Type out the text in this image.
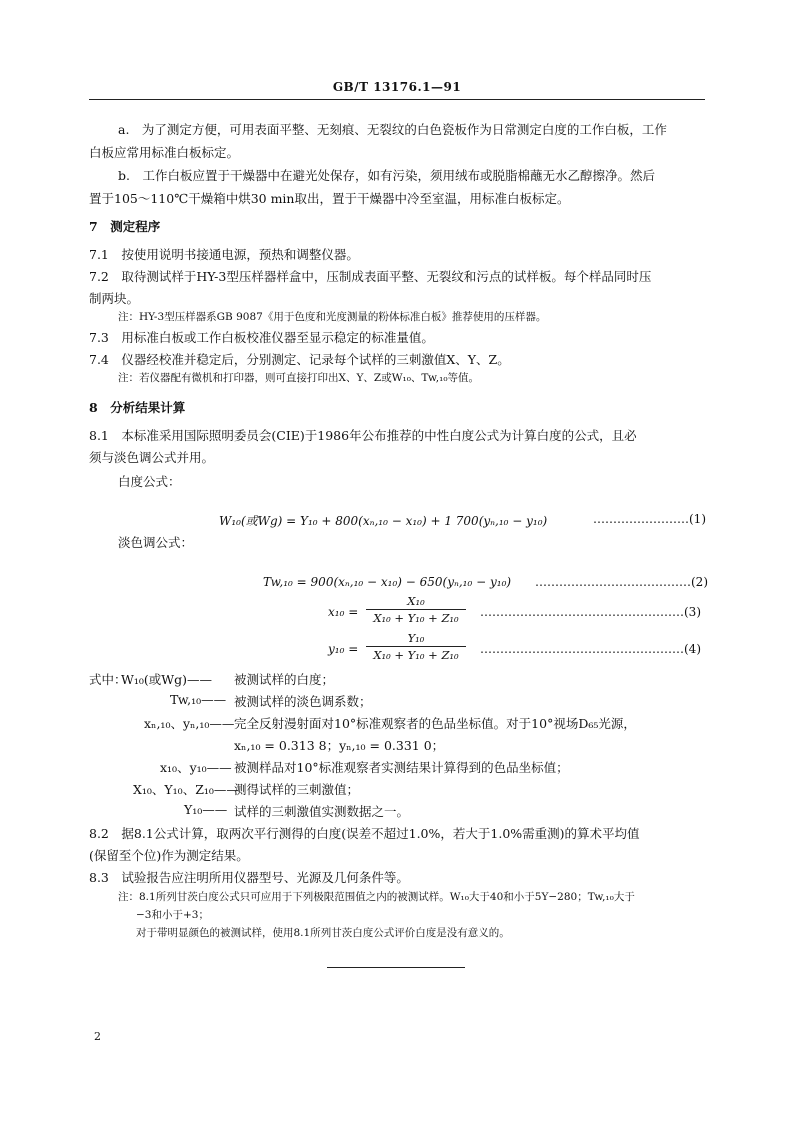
GB/T 13176.1—91
a.　为了测定方便，可用表面平整、无刻痕、无裂纹的白色瓷板作为日常测定白度的工作白板，工作
白板应常用标准白板标定。
b.　工作白板应置于干燥器中在避光处保存，如有污染，须用绒布或脱脂棉蘸无水乙醇擦净。然后
置于105～110℃干燥箱中烘30 min取出，置于干燥器中冷至室温，用标准白板标定。
7　测定程序
7.1　按使用说明书接通电源，预热和调整仪器。
7.2　取待测试样于HY-3型压样器样盒中，压制成表面平整、无裂纹和污点的试样板。每个样品同时压
制两块。
注：HY-3型压样器系GB 9087《用于色度和光度测量的粉体标准白板》推荐使用的压样器。
7.3　用标准白板或工作白板校准仪器至显示稳定的标准量值。
7.4　仪器经校准并稳定后，分别测定、记录每个试样的三刺激值X、Y、Z。
注：若仪器配有微机和打印器，则可直接打印出X、Y、Z或W₁₀、Tw,₁₀等值。
8　分析结果计算
8.1　本标准采用国际照明委员会(CIE)于1986年公布推荐的中性白度公式为计算白度的公式，且必
须与淡色调公式并用。
白度公式：
W₁₀(或Wg) = Y₁₀ + 800(xₙ,₁₀ − x₁₀) + 1 700(yₙ,₁₀ − y₁₀)	……………………(1)
淡色调公式：
Tw,₁₀ = 900(xₙ,₁₀ − x₁₀) − 650(yₙ,₁₀ − y₁₀) …………………………………(2)
$x_{10} = \frac{\text{X₁₀}}{\text{X₁₀ + Y₁₀ + Z₁₀}}$ ……………………………………………(3)
$y_{10} = \frac{\text{Y₁₀}}{\text{X₁₀ + Y₁₀ + Z₁₀}}$ ……………………………………………(4)
式中：
W₁₀(或Wg)—— 被测试样的白度；
Tw,₁₀—— 被测试样的淡色调系数；
xₙ,₁₀、yₙ,₁₀—— 完全反射漫射面对10°标准观察者的色品坐标值。对于10°视场D₆₅光源，
xₙ,₁₀ = 0.313 8；yₙ,₁₀ = 0.331 0；
x₁₀、y₁₀—— 被测样品对10°标准观察者实测结果计算得到的色品坐标值；
X₁₀、Y₁₀、Z₁₀——
测得试样的三刺激值；
Y₁₀—— 试样的三刺激值实测数据之一。
8.2　据8.1公式计算，取两次平行测得的白度(误差不超过1.0%，若大于1.0%需重测)的算术平均值
(保留至个位)作为测定结果。
8.3　试验报告应注明所用仪器型号、光源及几何条件等。
注：8.1所列甘茨白度公式只可应用于下列极限范围值之内的被测试样。W₁₀大于40和小于5Y−280；Tw,₁₀大于
−3和小于+3；
对于带明显颜色的被测试样，使用8.1所列甘茨白度公式评价白度是没有意义的。
2
